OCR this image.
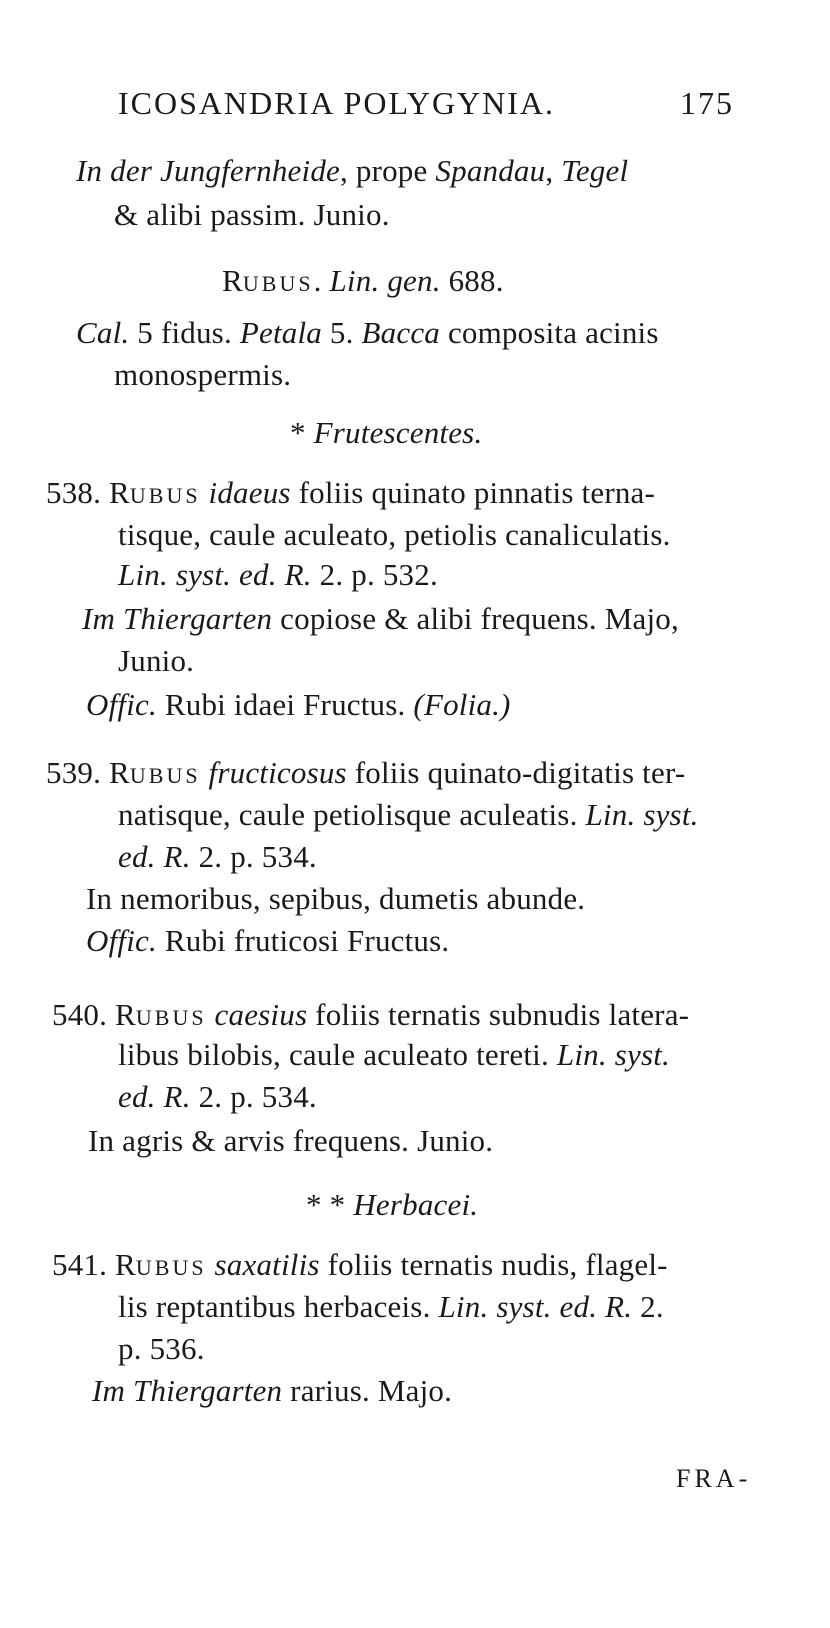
ICOSANDRIA POLYGYNIA.	175
In der Jungfernheide, prope Spandau, Tegel
& alibi passim. Junio.
RUBUS. Lin. gen. 688.
Cal. 5 fidus. Petala 5. Bacca composita acinis
monospermis.
* Frutescentes.
538. RUBUS idaeus foliis quinato pinnatis terna-
tisque, caule aculeato, petiolis canaliculatis.
Lin. syst. ed. R. 2. p. 532.
Im Thiergarten copiose & alibi frequens. Majo,
Junio.
Offic. Rubi idaei Fructus. (Folia.)
539. RUBUS fructicosus foliis quinato-digitatis ter-
natisque, caule petiolisque aculeatis. Lin. syst.
ed. R. 2. p. 534.
In nemoribus, sepibus, dumetis abunde.
Offic. Rubi fruticosi Fructus.
540. RUBUS caesius foliis ternatis subnudis latera-
libus bilobis, caule aculeato tereti. Lin. syst.
ed. R. 2. p. 534.
In agris & arvis frequens. Junio.
* * Herbacei.
541. RUBUS saxatilis foliis ternatis nudis, flagel-
lis reptantibus herbaceis. Lin. syst. ed. R. 2.
p. 536.
Im Thiergarten rarius. Majo.
FRA-
